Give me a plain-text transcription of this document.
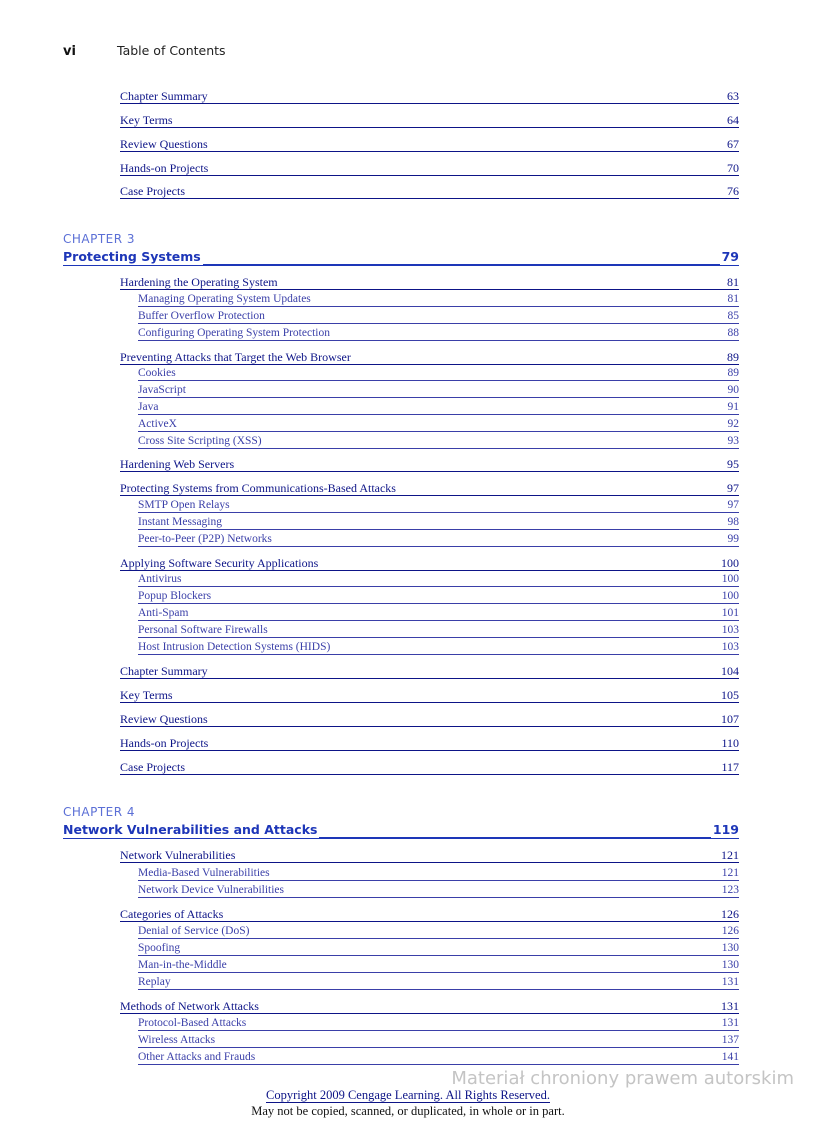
vi	Table of Contents
Chapter Summary	63
Key Terms	64
Review Questions	67
Hands-on Projects	70
Case Projects	76
CHAPTER 3
Protecting Systems	79
Hardening the Operating System	81
Managing Operating System Updates	81
Buffer Overflow Protection	85
Configuring Operating System Protection	88
Preventing Attacks that Target the Web Browser	89
Cookies	89
JavaScript	90
Java	91
ActiveX	92
Cross Site Scripting (XSS)	93
Hardening Web Servers	95
Protecting Systems from Communications-Based Attacks	97
SMTP Open Relays	97
Instant Messaging	98
Peer-to-Peer (P2P) Networks	99
Applying Software Security Applications	100
Antivirus	100
Popup Blockers	100
Anti-Spam	101
Personal Software Firewalls	103
Host Intrusion Detection Systems (HIDS)	103
Chapter Summary	104
Key Terms	105
Review Questions	107
Hands-on Projects	110
Case Projects	117
CHAPTER 4
Network Vulnerabilities and Attacks	119
Network Vulnerabilities	121
Media-Based Vulnerabilities	121
Network Device Vulnerabilities	123
Categories of Attacks	126
Denial of Service (DoS)	126
Spoofing	130
Man-in-the-Middle	130
Replay	131
Methods of Network Attacks	131
Protocol-Based Attacks	131
Wireless Attacks	137
Other Attacks and Frauds	141
Materiał chroniony prawem autorskim
Copyright 2009 Cengage Learning. All Rights Reserved.
May not be copied, scanned, or duplicated, in whole or in part.
